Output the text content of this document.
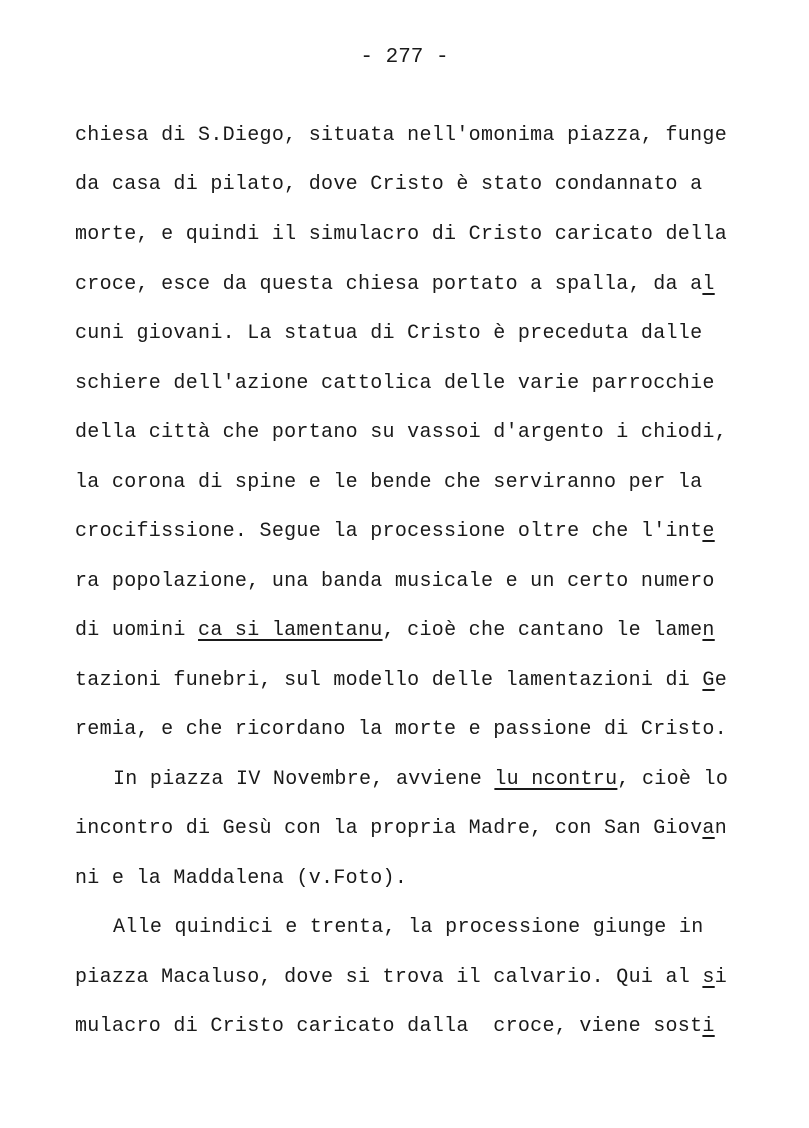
- 277 -
chiesa di S.Diego, situata nell'omonima piazza, funge
da casa di pilato, dove Cristo è stato condannato a
morte, e quindi il simulacro di Cristo caricato della
croce, esce da questa chiesa portato a spalla, da al
cuni giovani. La statua di Cristo è preceduta dalle
schiere dell'azione cattolica delle varie parrocchie
della città che portano su vassoi d'argento i chiodi,
la corona di spine e le bende che serviranno per la
crocifissione. Segue la processione oltre che l'inte
ra popolazione, una banda musicale e un certo numero
di uomini ca si lamentanu, cioè che cantano le lamen
tazioni funebri, sul modello delle lamentazioni di Ge
remia, e che ricordano la morte e passione di Cristo.
In piazza IV Novembre, avviene lu ncontru, cioè lo
incontro di Gesù con la propria Madre, con San Giovan
ni e la Maddalena (v.Foto).
Alle quindici e trenta, la processione giunge in
piazza Macaluso, dove si trova il calvario. Qui al si
mulacro di Cristo caricato dalla  croce, viene sosti
